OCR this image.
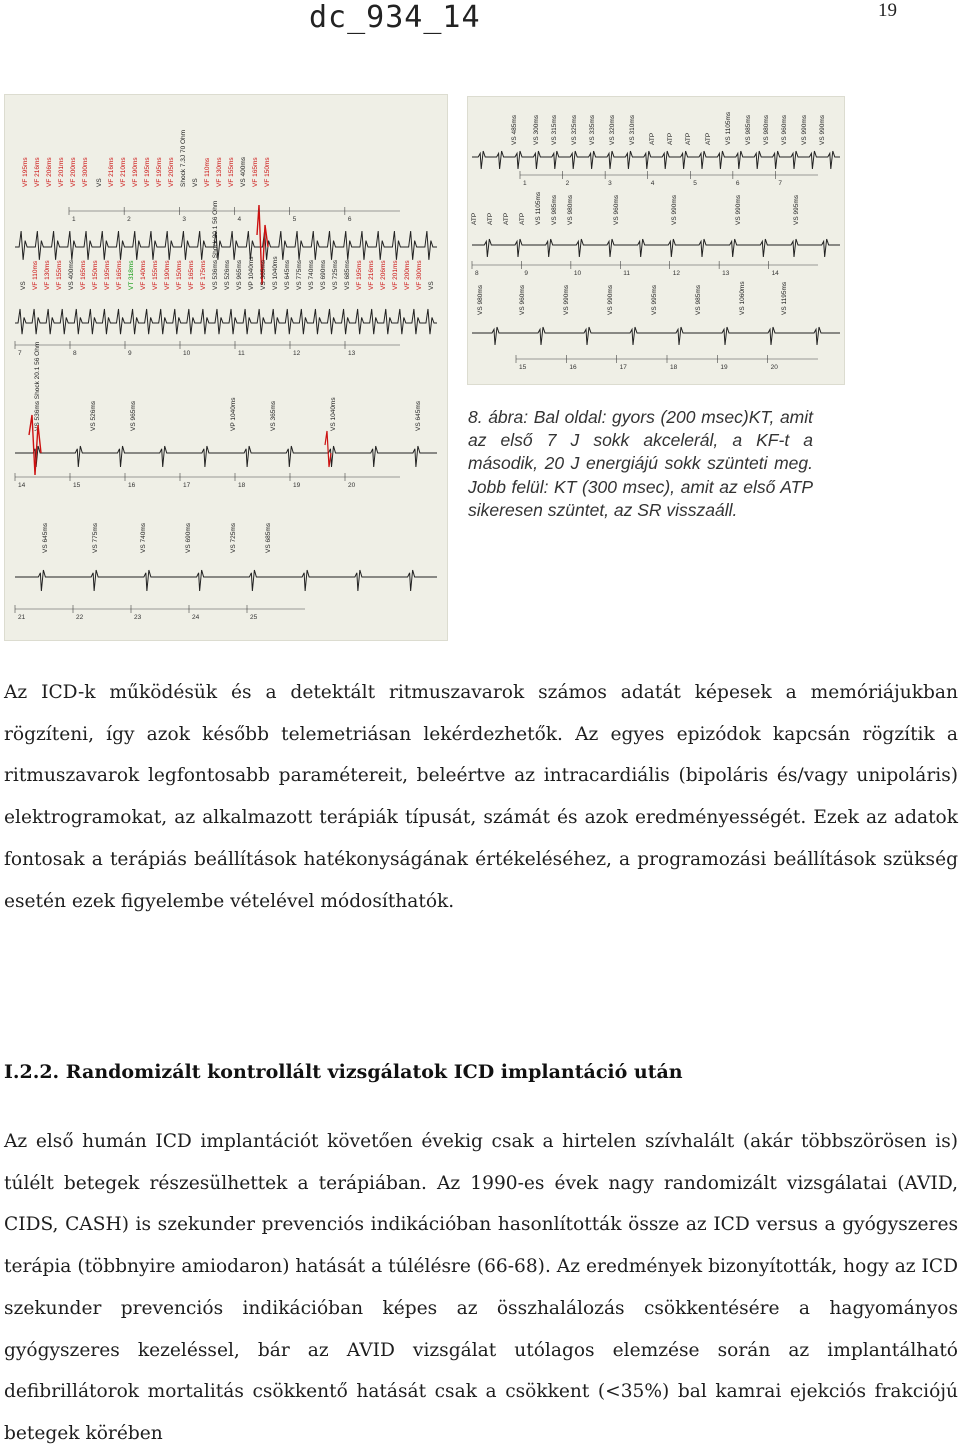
dc_934_14	19
VF 195ms VF 216ms VF 206ms VF 201ms VF 200ms VF 300ms VS VF 216ms VF 210ms VF 190ms VF 195ms VF 195ms VF 205ms Shock 7.3J 70 Ohm VS VF 110ms VF 130ms VF 155ms VS 400ms VF 165ms VF 150ms
1	2	3	4	5	6
VS VF 110ms VF 130ms VF 155ms VS 400ms VF 165ms VF 150ms VF 195ms VF 165ms VT 318ms VF 140ms VF 155ms VF 190ms VF 150ms VF 165ms VF 175ms VS 536ms Shock 20.1 56 Ohm VS 526ms VS 965ms VP 1040ms VS 365ms VS 1040ms VS 645ms VS 775ms VS 740ms VS 690ms VS 725ms VS 685ms VF 195ms VF 216ms VF 206ms VF 201ms VF 200ms VF 300ms VS
7	8	9	10	11	12	13
VS 536ms Shock 20.1 56 Ohm	VS 526ms	VS 965ms	VP 1040ms	VS 365ms	VS 1040ms	VS 645ms
14	15	16	17	18	19	20
VS 645ms	VS 775ms	VS 740ms	VS 690ms	VS 725ms	VS 685ms
21	22	23	24	25
VS 485ms VS 300ms VS 315ms VS 325ms VS 335ms VS 320ms VS 310ms ATP ATP ATP ATP VS 1105ms VS 985ms VS 980ms VS 960ms VS 990ms VS 990ms
1	2	3	4	5	6	7
ATP ATP ATP ATP VS 1105ms VS 985ms VS 980ms	VS 960ms	VS 990ms	VS 990ms	VS 995ms
8	9	10	11	12	13	14
VS 980ms	VS 960ms	VS 990ms	VS 990ms	VS 995ms	VS 985ms	VS 1060ms	VS 1195ms
15	16	17	18	19	20
8. ábra: Bal oldal: gyors (200 msec)KT, amit az első 7 J sokk akcelerál, a KF-t a második, 20 J energiájú sokk szünteti meg. Jobb felül: KT (300 msec), amit az első ATP sikeresen szüntet, az SR visszaáll.

Az ICD-k működésük és a detektált ritmuszavarok számos adatát képesek a memóriájukban rögzíteni, így azok később telemetriásan lekérdezhetők. Az egyes epizódok kapcsán rögzítik a ritmuszavarok legfontosabb paramétereit, beleértve az intracardiális (bipoláris és/vagy unipoláris) elektrogramokat, az alkalmazott terápiák típusát, számát és azok eredményességét. Ezek az adatok fontosak a terápiás beállítások hatékonyságának értékeléséhez, a programozási beállítások szükség esetén ezek figyelembe vételével módosíthatók.

I.2.2. Randomizált kontrollált vizsgálatok ICD implantáció után

Az első humán ICD implantációt követően évekig csak a hirtelen szívhalált (akár többszörösen is) túlélt betegek részesülhettek a terápiában. Az 1990-es évek nagy randomizált vizsgálatai (AVID, CIDS, CASH) is szekunder prevenciós indikációban hasonlították össze az ICD versus a gyógyszeres terápia (többnyire amiodaron) hatását a túlélésre (66-68). Az eredmények bizonyították, hogy az ICD szekunder prevenciós indikációban képes az összhalálozás csökkentésére a hagyományos gyógyszeres kezeléssel, bár az AVID vizsgálat utólagos elemzése során az implantálható defibrillátorok mortalitás csökkentő hatását csak a csökkent (<35%) bal kamrai ejekciós frakciójú betegek körében
